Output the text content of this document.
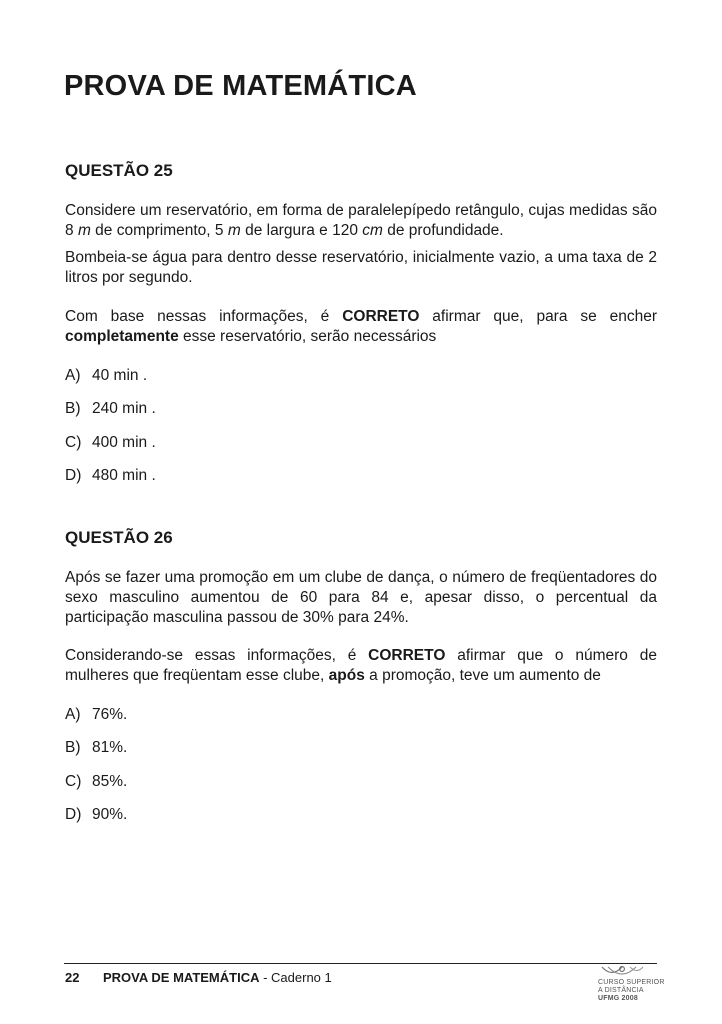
PROVA DE MATEMÁTICA
QUESTÃO 25

Considere um reservatório, em forma de paralelepípedo retângulo, cujas medidas são 8 m de comprimento, 5 m de largura e 120 cm de profundidade.

Bombeia-se água para dentro desse reservatório, inicialmente vazio, a uma taxa de 2 litros por segundo.

Com base nessas informações, é CORRETO afirmar que, para se encher completamente esse reservatório, serão necessários

A) 40 min .
B) 240 min .
C) 400 min .
D) 480 min .
QUESTÃO 26

Após se fazer uma promoção em um clube de dança, o número de freqüentadores do sexo masculino aumentou de 60 para 84 e, apesar disso, o percentual da participação masculina passou de 30% para 24%.

Considerando-se essas informações, é CORRETO afirmar que o número de mulheres que freqüentam esse clube, após a promoção, teve um aumento de

A) 76%.
B) 81%.
C) 85%.
D) 90%.
22 PROVA DE MATEMÁTICA - Caderno 1	CURSO SUPERIOR
A DISTÂNCIA
UFMG 2008
